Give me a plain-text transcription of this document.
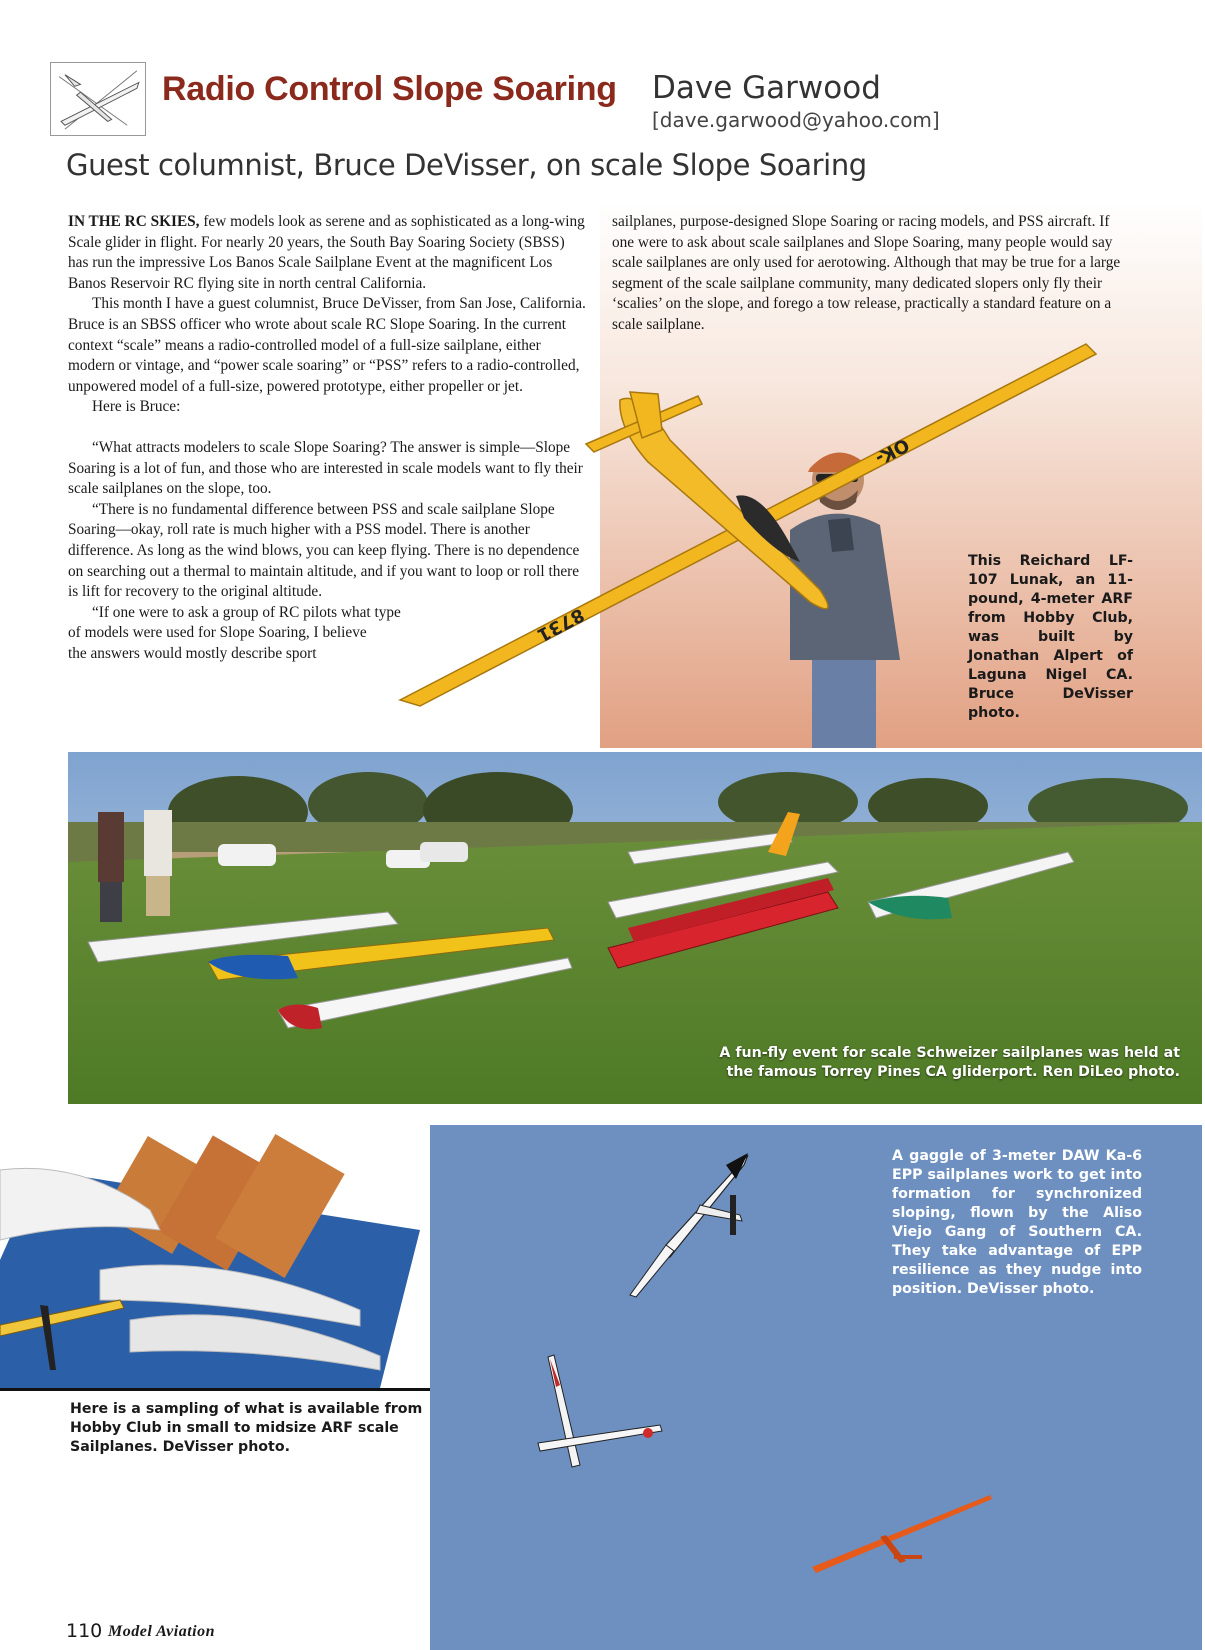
Radio Control Slope Soaring Dave Garwood
[dave.garwood@yahoo.com]
Guest columnist, Bruce DeVisser, on scale Slope Soaring

IN THE RC SKIES, few models look as serene and as sophisticated as a long-wing Scale glider in flight. For nearly 20 years, the South Bay Soaring Society (SBSS) has run the impressive Los Banos Scale Sailplane Event at the magnificent Los Banos Reservoir RC flying site in north central California.

This month I have a guest columnist, Bruce DeVisser, from San Jose, California. Bruce is an SBSS officer who wrote about scale RC Slope Soaring. In the current context “scale” means a radio-controlled model of a full-size sailplane, either modern or vintage, and “power scale soaring” or “PSS” refers to a radio-controlled, unpowered model of a full-size, powered prototype, either propeller or jet.

Here is Bruce:

“What attracts modelers to scale Slope Soaring? The answer is simple—Slope Soaring is a lot of fun, and those who are interested in scale models want to fly their scale sailplanes on the slope, too.

“There is no fundamental difference between PSS and scale sailplane Slope Soaring—okay, roll rate is much higher with a PSS model. There is another difference. As long as the wind blows, you can keep flying. There is no dependence on searching out a thermal to maintain altitude, and if you want to loop or roll there is lift for recovery to the original altitude.

“If one were to ask a group of RC pilots what type

of models were used for Slope Soaring, I believe

the answers would mostly describe sport

sailplanes, purpose-designed Slope Soaring or racing models, and PSS aircraft. If one were to ask about scale sailplanes and Slope Soaring, many people would say scale sailplanes are only used for aerotowing. Although that may be true for a large segment of the scale sailplane community, many dedicated slopers only fly their ‘scalies’ on the slope, and forego a tow release, practically a standard feature on a scale sailplane.

OK-
8731
This Reichard LF-107 Lunak, an 11-pound, 4-meter ARF from Hobby Club, was built by Jonathan Alpert of Laguna Nigel CA. Bruce DeVisser photo.
A fun-fly event for scale Schweizer sailplanes was held at
the famous Torrey Pines CA gliderport. Ren DiLeo photo.
Here is a sampling of what is available from Hobby Club in small to midsize ARF scale Sailplanes. DeVisser photo.
A gaggle of 3-meter DAW Ka-6 EPP sailplanes work to get into formation for synchronized sloping, flown by the Aliso Viejo Gang of Southern CA. They take advantage of EPP resilience as they nudge into position. DeVisser photo.
110 Model Aviation
